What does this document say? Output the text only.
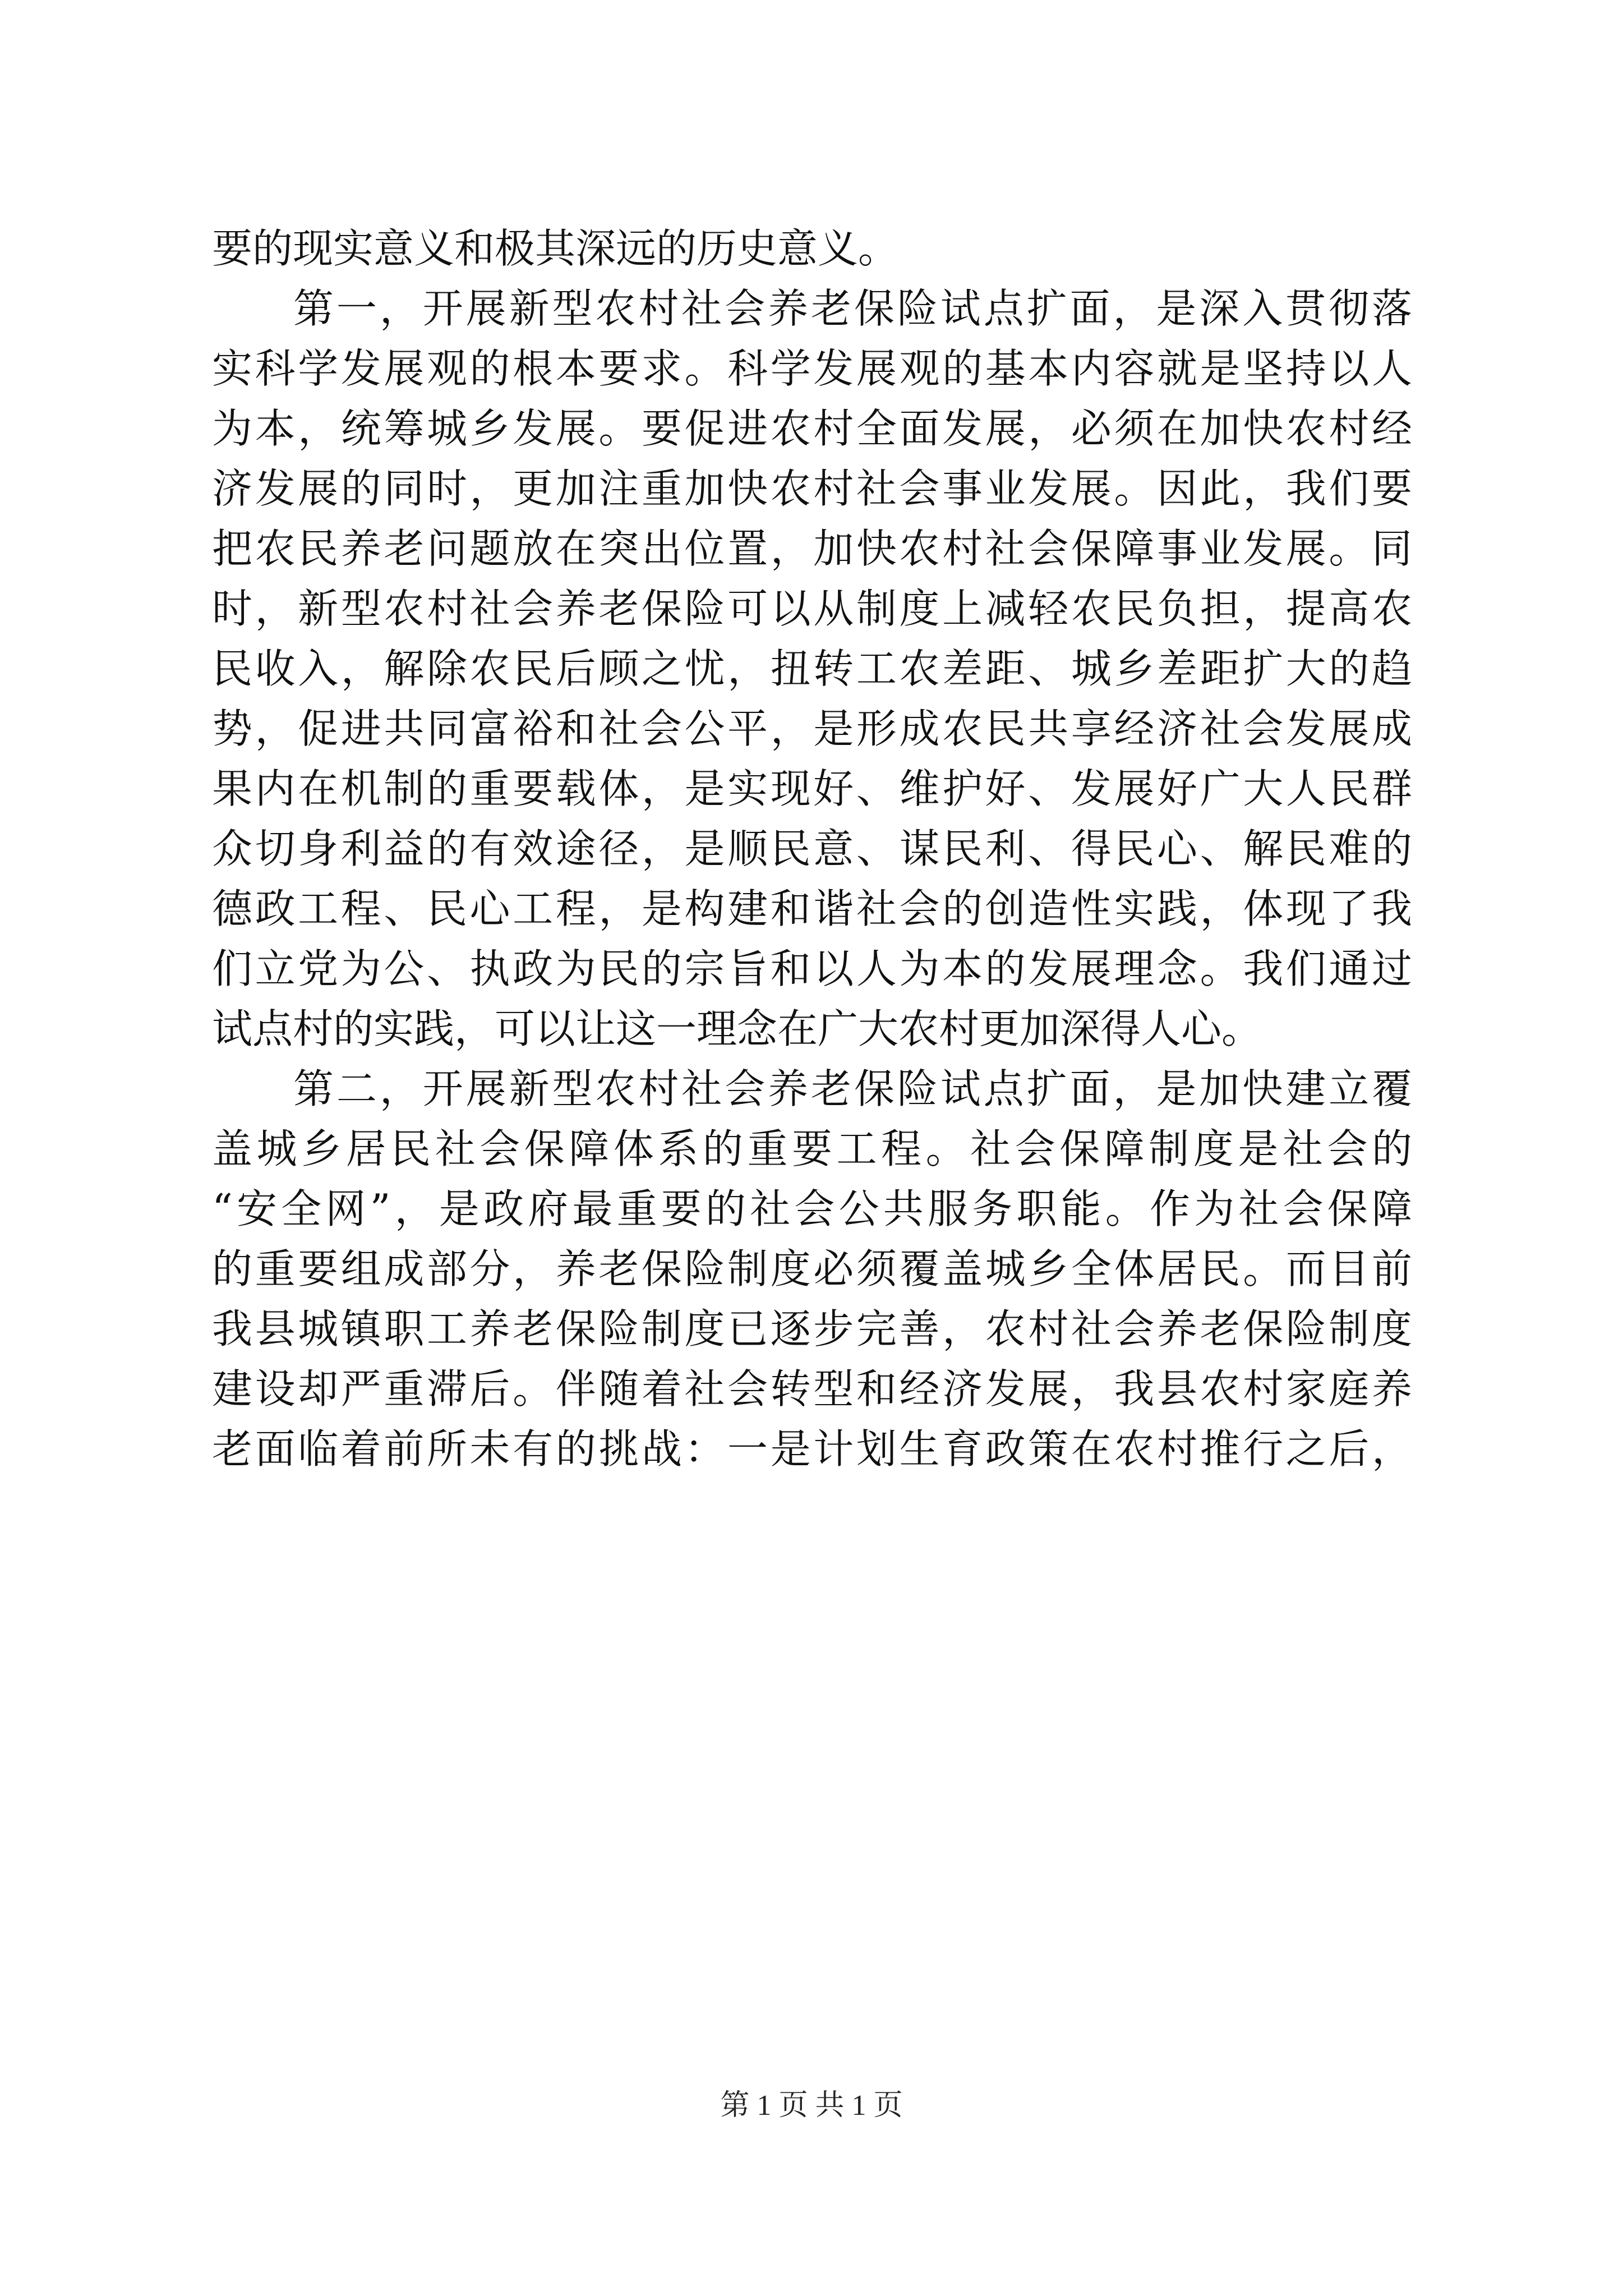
要的现实意义和极其深远的历史意义。
第一，开展新型农村社会养老保险试点扩面，是深入贯彻落
实科学发展观的根本要求。科学发展观的基本内容就是坚持以人
为本，统筹城乡发展。要促进农村全面发展，必须在加快农村经
济发展的同时，更加注重加快农村社会事业发展。因此，我们要
把农民养老问题放在突出位置，加快农村社会保障事业发展。同
时，新型农村社会养老保险可以从制度上减轻农民负担，提高农
民收入，解除农民后顾之忧，扭转工农差距、城乡差距扩大的趋
势，促进共同富裕和社会公平，是形成农民共享经济社会发展成
果内在机制的重要载体，是实现好、维护好、发展好广大人民群
众切身利益的有效途径，是顺民意、谋民利、得民心、解民难的
德政工程、民心工程，是构建和谐社会的创造性实践，体现了我
们立党为公、执政为民的宗旨和以人为本的发展理念。我们通过
试点村的实践，可以让这一理念在广大农村更加深得人心。
第二，开展新型农村社会养老保险试点扩面，是加快建立覆
盖城乡居民社会保障体系的重要工程。社会保障制度是社会的
“安全网”，是政府最重要的社会公共服务职能。作为社会保障
的重要组成部分，养老保险制度必须覆盖城乡全体居民。而目前
我县城镇职工养老保险制度已逐步完善，农村社会养老保险制度
建设却严重滞后。伴随着社会转型和经济发展，我县农村家庭养
老面临着前所未有的挑战：一是计划生育政策在农村推行之后，
第 1 页 共 1 页
